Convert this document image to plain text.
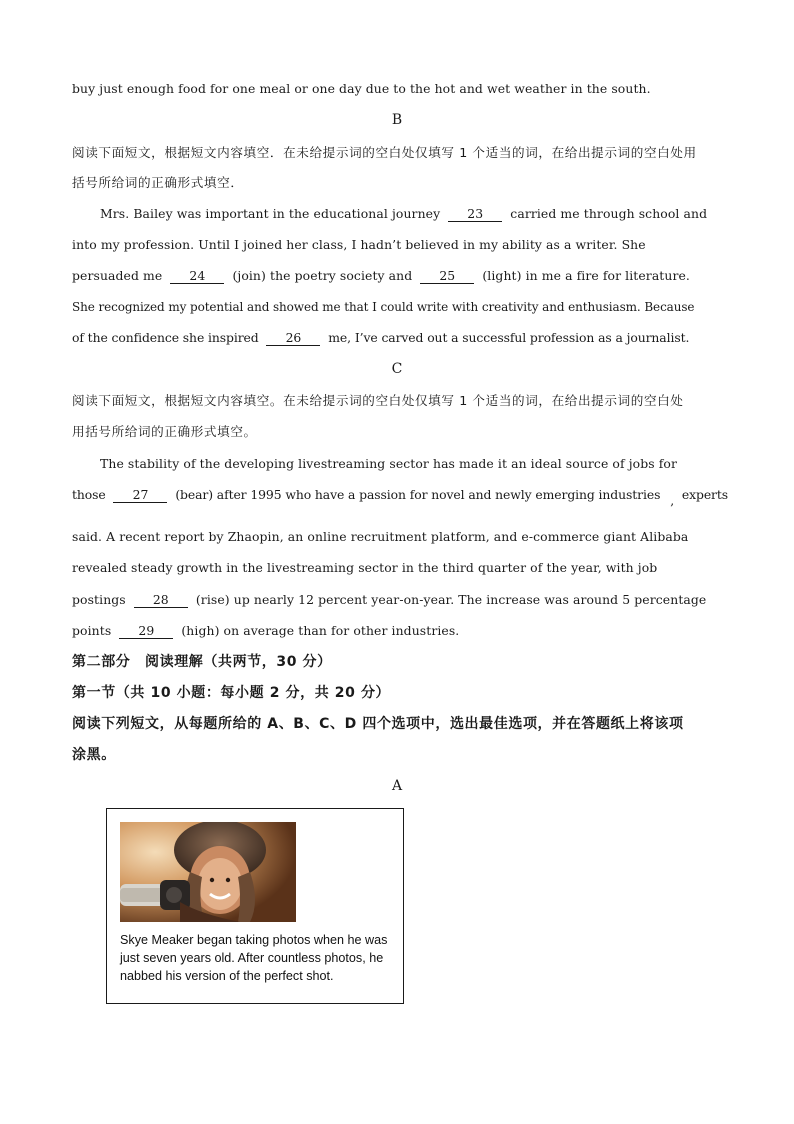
buy just enough food for one meal or one day due to the hot and wet weather in the south.
B
阅读下面短文，根据短文内容填空．在未给提示词的空白处仅填写 1 个适当的词，在给出提示词的空白处用
括号所给词的正确形式填空．
Mrs. Bailey was important in the educational journey 23 carried me through school and
into my profession. Until I joined her class, I hadn’t believed in my ability as a writer. She
persuaded me 24 (join) the poetry society and 25 (light) in me a fire for literature.
She recognized my potential and showed me that I could write with creativity and enthusiasm. Because
of the confidence she inspired 26 me, I’ve carved out a successful profession as a journalist.
C
阅读下面短文，根据短文内容填空。在未给提示词的空白处仅填写 1 个适当的词，在给出提示词的空白处
用括号所给词的正确形式填空。
The stability of the developing livestreaming sector has made it an ideal source of jobs for
those 27 (bear) after 1995 who have a passion for novel and newly emerging industries , experts
said. A recent report by Zhaopin, an online recruitment platform, and e-commerce giant Alibaba
revealed steady growth in the livestreaming sector in the third quarter of the year, with job
postings 28 (rise) up nearly 12 percent year-on-year. The increase was around 5 percentage
points 29 (high) on average than for other industries.
第二部分　阅读理解（共两节，30 分）
第一节（共 10 小题：每小题 2 分，共 20 分）
阅读下列短文，从每题所给的 A、B、C、D 四个选项中，选出最佳选项，并在答题纸上将该项
涂黑。
A
Skye Meaker began taking photos when he was just seven years old. After countless photos, he nabbed his version of the perfect shot.
